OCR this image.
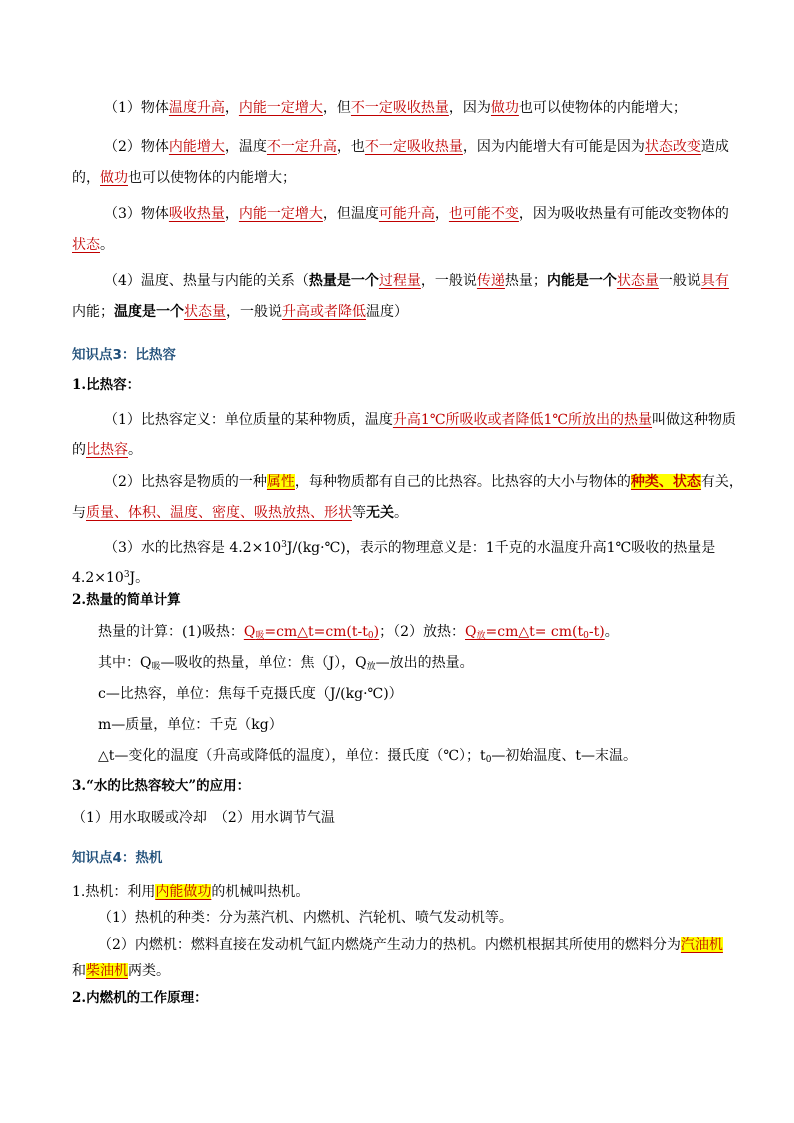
（1）物体温度升高，内能一定增大，但不一定吸收热量，因为做功也可以使物体的内能增大；
（2）物体内能增大，温度不一定升高，也不一定吸收热量，因为内能增大有可能是因为状态改变造成
的，做功也可以使物体的内能增大；
（3）物体吸收热量，内能一定增大，但温度可能升高，也可能不变，因为吸收热量有可能改变物体的
状态。
（4）温度、热量与内能的关系（热量是一个过程量，一般说传递热量；内能是一个状态量一般说具有
内能；温度是一个状态量，一般说升高或者降低温度）
知识点3：比热容
1.比热容：
（1）比热容定义：单位质量的某种物质，温度升高1℃所吸收或者降低1℃所放出的热量叫做这种物质
的比热容。
（2）比热容是物质的一种属性，每种物质都有自己的比热容。比热容的大小与物体的种类、状态有关，
与质量、体积、温度、密度、吸热放热、形状等无关。
（3）水的比热容是 $4.2\times 10^3J/(kg\cdot℃)$，表示的物理意义是：1千克的水温度升高1℃吸收的热量是
$4.2\times 10^3J$。
2.热量的简单计算
热量的计算：(1)吸热：$Q_吸=cm\triangle t=cm(t-t_0)$；（2）放热：$Q_放=cm\triangle t= cm(t_0-t)$。
其中：$Q_吸—$吸收的热量，单位：焦（J），$Q_放—$放出的热量。
c—比热容，单位：焦每千克摄氏度（J/(kg·℃)）
m—质量，单位：千克（kg）
△t—变化的温度（升高或降低的温度），单位：摄氏度（℃）；$t_0—$初始温度、t—末温。
3.“水的比热容较大”的应用：
（1）用水取暖或冷却　（2）用水调节气温
知识点4：热机
1.热机：利用内能做功的机械叫热机。
（1）热机的种类：分为蒸汽机、内燃机、汽轮机、喷气发动机等。
（2）内燃机：燃料直接在发动机气缸内燃烧产生动力的热机。内燃机根据其所使用的燃料分为汽油机
和柴油机两类。
2.内燃机的工作原理：
